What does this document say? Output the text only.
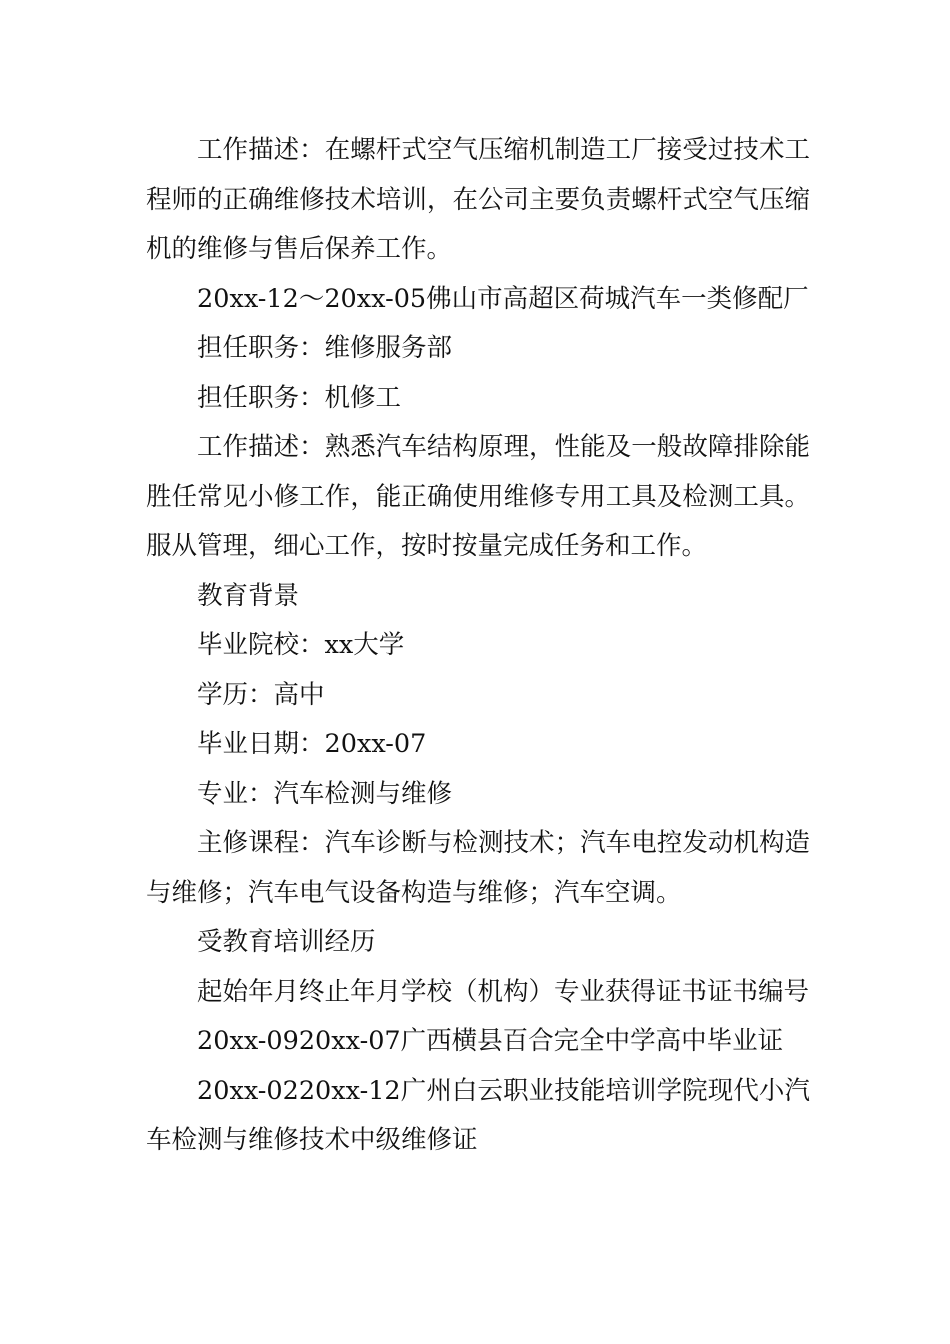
工作描述：在螺杆式空气压缩机制造工厂接受过技术工程师的正确维修技术培训，在公司主要负责螺杆式空气压缩机的维修与售后保养工作。

20xx-12～20xx-05佛山市高超区荷城汽车一类修配厂

担任职务：维修服务部

担任职务：机修工

工作描述：熟悉汽车结构原理，性能及一般故障排除能胜任常见小修工作，能正确使用维修专用工具及检测工具。服从管理，细心工作，按时按量完成任务和工作。

教育背景

毕业院校：xx大学

学历：高中

毕业日期：20xx-07

专业：汽车检测与维修

主修课程：汽车诊断与检测技术；汽车电控发动机构造与维修；汽车电气设备构造与维修；汽车空调。

受教育培训经历

起始年月终止年月学校（机构）专业获得证书证书编号

20xx-0920xx-07广西横县百合完全中学高中毕业证

20xx-0220xx-12广州白云职业技能培训学院现代小汽车检测与维修技术中级维修证
